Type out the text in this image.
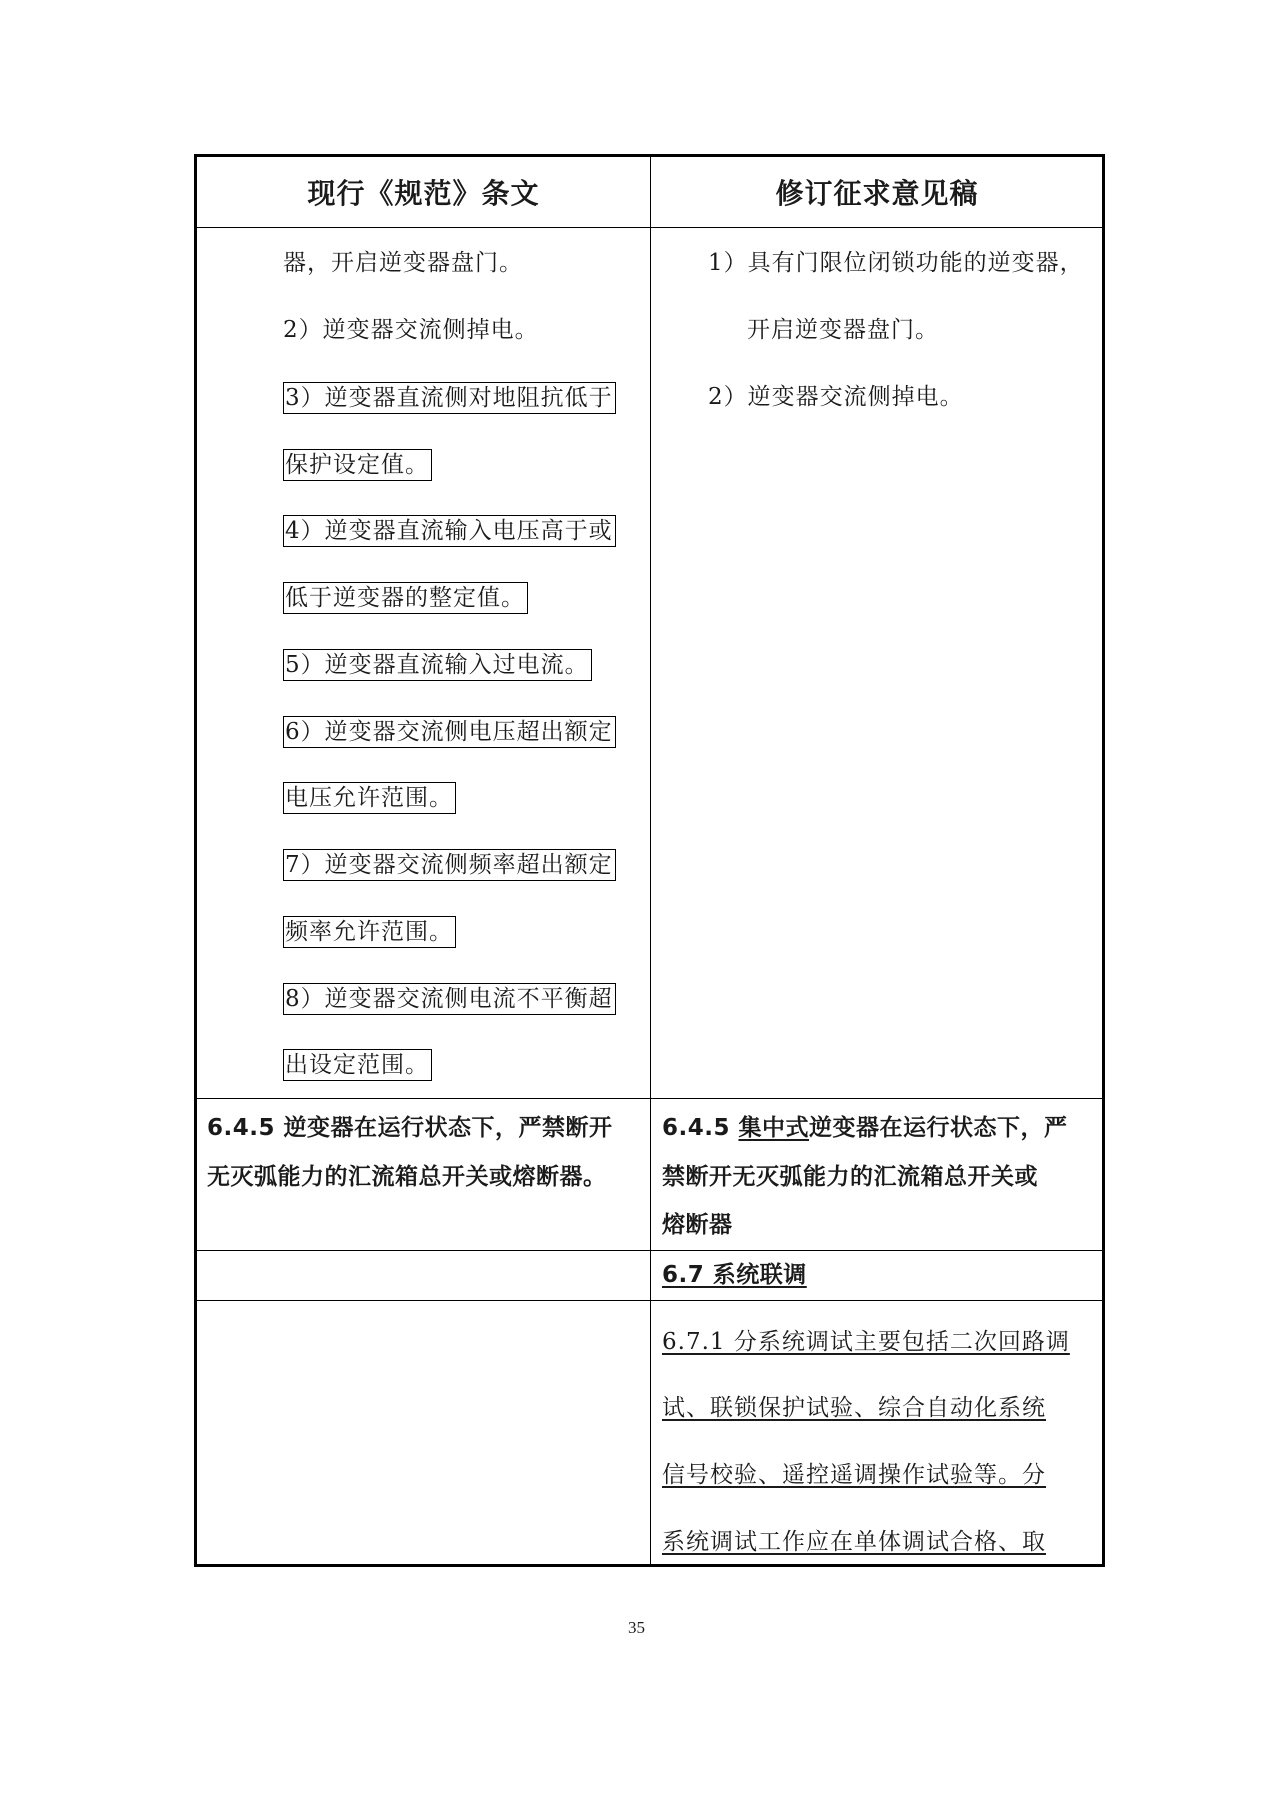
现行《规范》条文	修订征求意见稿
器，开启逆变器盘门。
2）逆变器交流侧掉电。
3）逆变器直流侧对地阻抗低于
保护设定值。
4）逆变器直流输入电压高于或
低于逆变器的整定值。
5）逆变器直流输入过电流。
6）逆变器交流侧电压超出额定
电压允许范围。
7）逆变器交流侧频率超出额定
频率允许范围。
8）逆变器交流侧电流不平衡超
出设定范围。
1）具有门限位闭锁功能的逆变器，
开启逆变器盘门。
2）逆变器交流侧掉电。
6.4.5 逆变器在运行状态下，严禁断开
无灭弧能力的汇流箱总开关或熔断器。
6.4.5 集中式逆变器在运行状态下，严
禁断开无灭弧能力的汇流箱总开关或
熔断器
6.7 系统联调
6.7.1 分系统调试主要包括二次回路调
试、联锁保护试验、综合自动化系统
信号校验、遥控遥调操作试验等。分
系统调试工作应在单体调试合格、取
35
